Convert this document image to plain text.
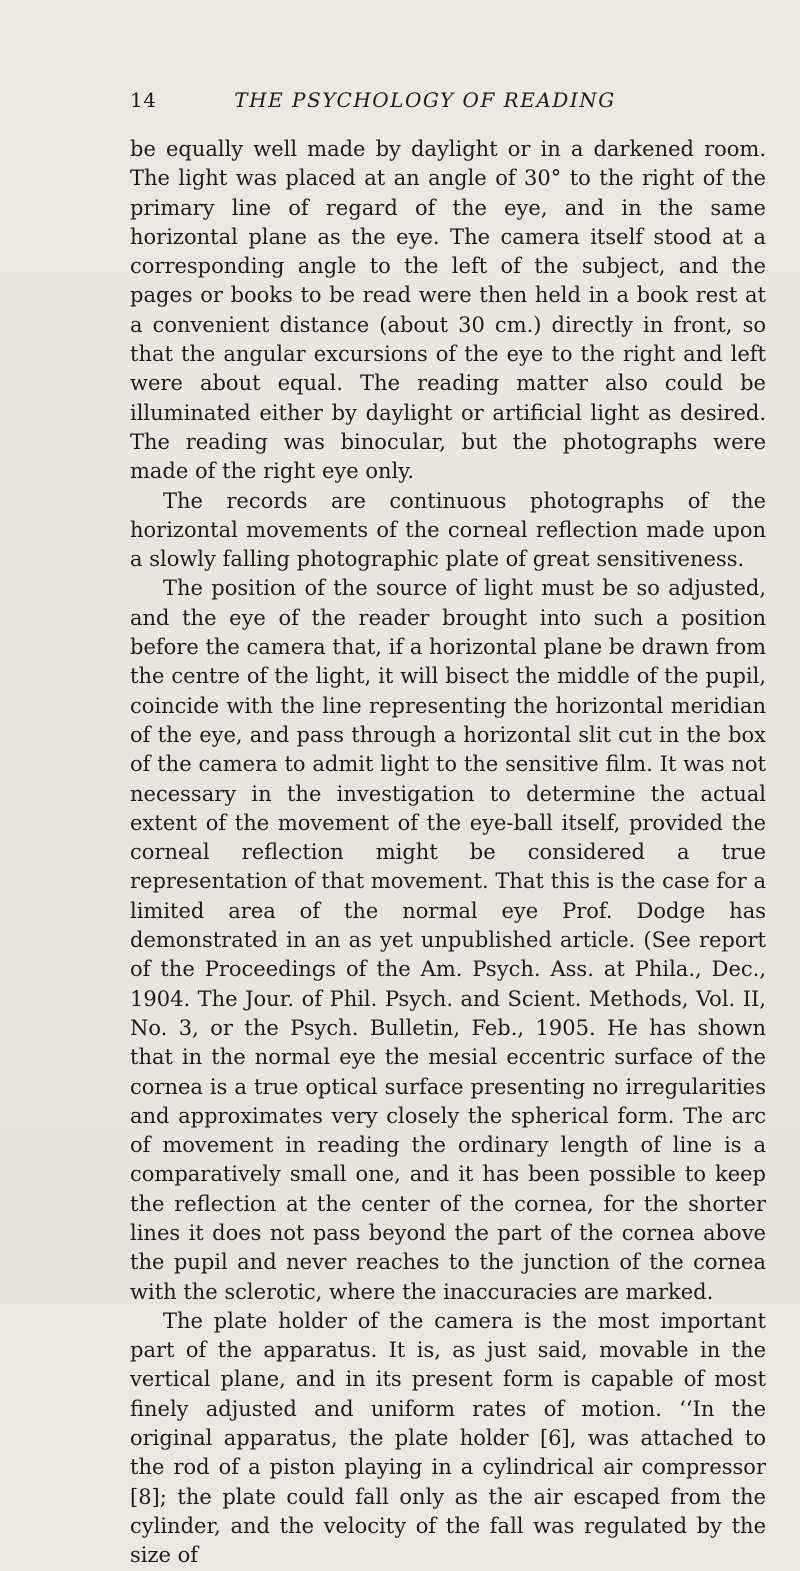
14	THE PSYCHOLOGY OF READING

be equally well made by daylight or in a darkened room. The light was placed at an angle of 30° to the right of the primary line of regard of the eye, and in the same horizontal plane as the eye. The camera itself stood at a corresponding angle to the left of the subject, and the pages or books to be read were then held in a book rest at a convenient distance (about 30 cm.) directly in front, so that the angular excursions of the eye to the right and left were about equal. The reading matter also could be illuminated either by daylight or artificial light as desired. The reading was binocular, but the photographs were made of the right eye only.

The records are continuous photographs of the horizontal movements of the corneal reflection made upon a slowly falling photographic plate of great sensitiveness.

The position of the source of light must be so adjusted, and the eye of the reader brought into such a position before the camera that, if a horizontal plane be drawn from the centre of the light, it will bisect the middle of the pupil, coincide with the line representing the horizontal meridian of the eye, and pass through a horizontal slit cut in the box of the camera to admit light to the sensitive film. It was not necessary in the investigation to determine the actual extent of the movement of the eye-ball itself, provided the corneal reflection might be considered a true representation of that movement. That this is the case for a limited area of the normal eye Prof. Dodge has demonstrated in an as yet unpublished article. (See report of the Proceedings of the Am. Psych. Ass. at Phila., Dec., 1904. The Jour. of Phil. Psych. and Scient. Methods, Vol. II, No. 3, or the Psych. Bulletin, Feb., 1905. He has shown that in the normal eye the mesial eccentric surface of the cornea is a true optical surface presenting no irregularities and approximates very closely the spherical form. The arc of movement in reading the ordinary length of line is a comparatively small one, and it has been possible to keep the reflection at the center of the cornea, for the shorter lines it does not pass beyond the part of the cornea above the pupil and never reaches to the junction of the cornea with the sclerotic, where the inaccuracies are marked.

The plate holder of the camera is the most important part of the apparatus. It is, as just said, movable in the vertical plane, and in its present form is capable of most finely adjusted and uniform rates of motion. ‘‘In the original apparatus, the plate holder [6], was attached to the rod of a piston playing in a cylindrical air compressor [8]; the plate could fall only as the air escaped from the cylinder, and the velocity of the fall was regulated by the size of
